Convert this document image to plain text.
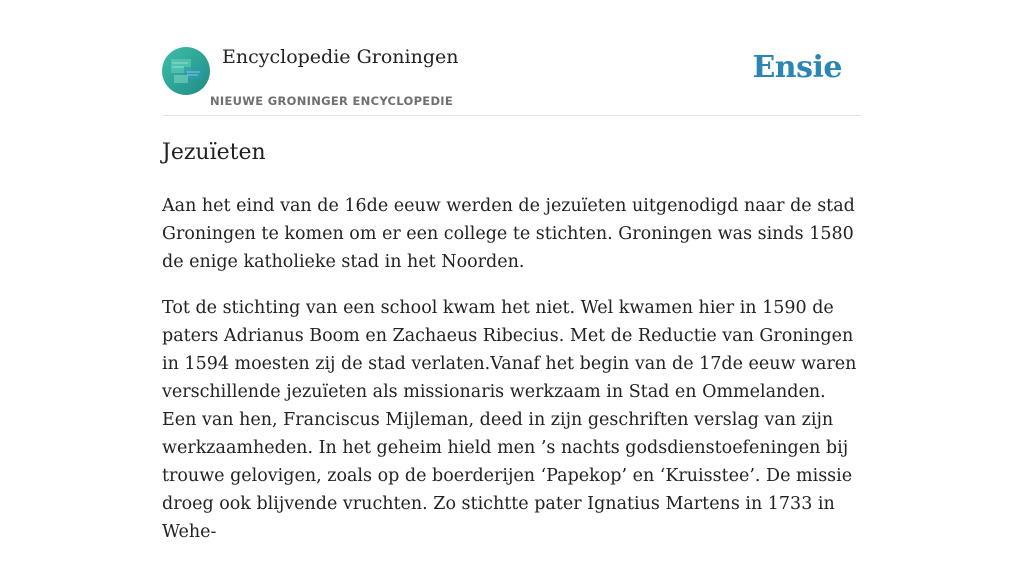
Encyclopedie Groningen
NIEUWE GRONINGER ENCYCLOPEDIE
Ensie
Jezuïeten

Aan het eind van de 16de eeuw werden de jezuïeten uitgenodigd naar de stad Groningen te komen om er een college te stichten. Groningen was sinds 1580 de enige katholieke stad in het Noorden.

Tot de stichting van een school kwam het niet. Wel kwamen hier in 1590 de paters Adrianus Boom en Zachaeus Ribecius. Met de Reductie van Groningen in 1594 moesten zij de stad verlaten.Vanaf het begin van de 17de eeuw waren verschillende jezuïeten als missionaris werkzaam in Stad en Ommelanden. Een van hen, Franciscus Mijleman, deed in zijn geschriften verslag van zijn werkzaamheden. In het geheim hield men ’s nachts godsdienstoefeningen bij trouwe gelovigen, zoals op de boerderijen ‘Papekop’ en ‘Kruisstee’. De missie droeg ook blijvende vruchten. Zo stichtte pater Ignatius Martens in 1733 in Wehe-
